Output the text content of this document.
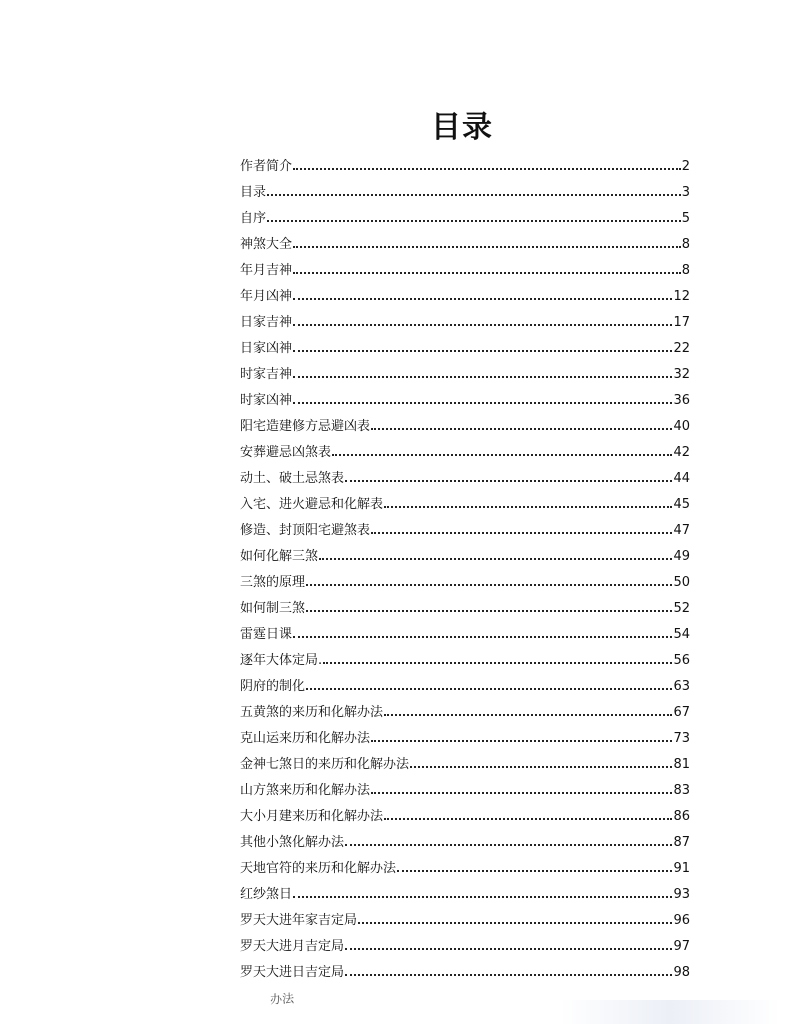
目录
作者简介	2
目录	3
自序	5
神煞大全	8
年月吉神	8
年月凶神	12
日家吉神	17
日家凶神	22
时家吉神	32
时家凶神	36
阳宅造建修方忌避凶表	40
安葬避忌凶煞表	42
动土、破土忌煞表	44
入宅、进火避忌和化解表	45
修造、封顶阳宅避煞表	47
如何化解三煞	49
三煞的原理	50
如何制三煞	52
雷霆日课	54
逐年大体定局.	56
阴府的制化	63
五黄煞的来历和化解办法	67
克山运来历和化解办法	73
金神七煞日的来历和化解办法	81
山方煞来历和化解办法	83
大小月建来历和化解办法	86
其他小煞化解办法	87
天地官符的来历和化解办法	91
红纱煞日	93
罗天大进年家吉定局	96
罗天大进月吉定局	97
罗天大进日吉定局	98
办法
